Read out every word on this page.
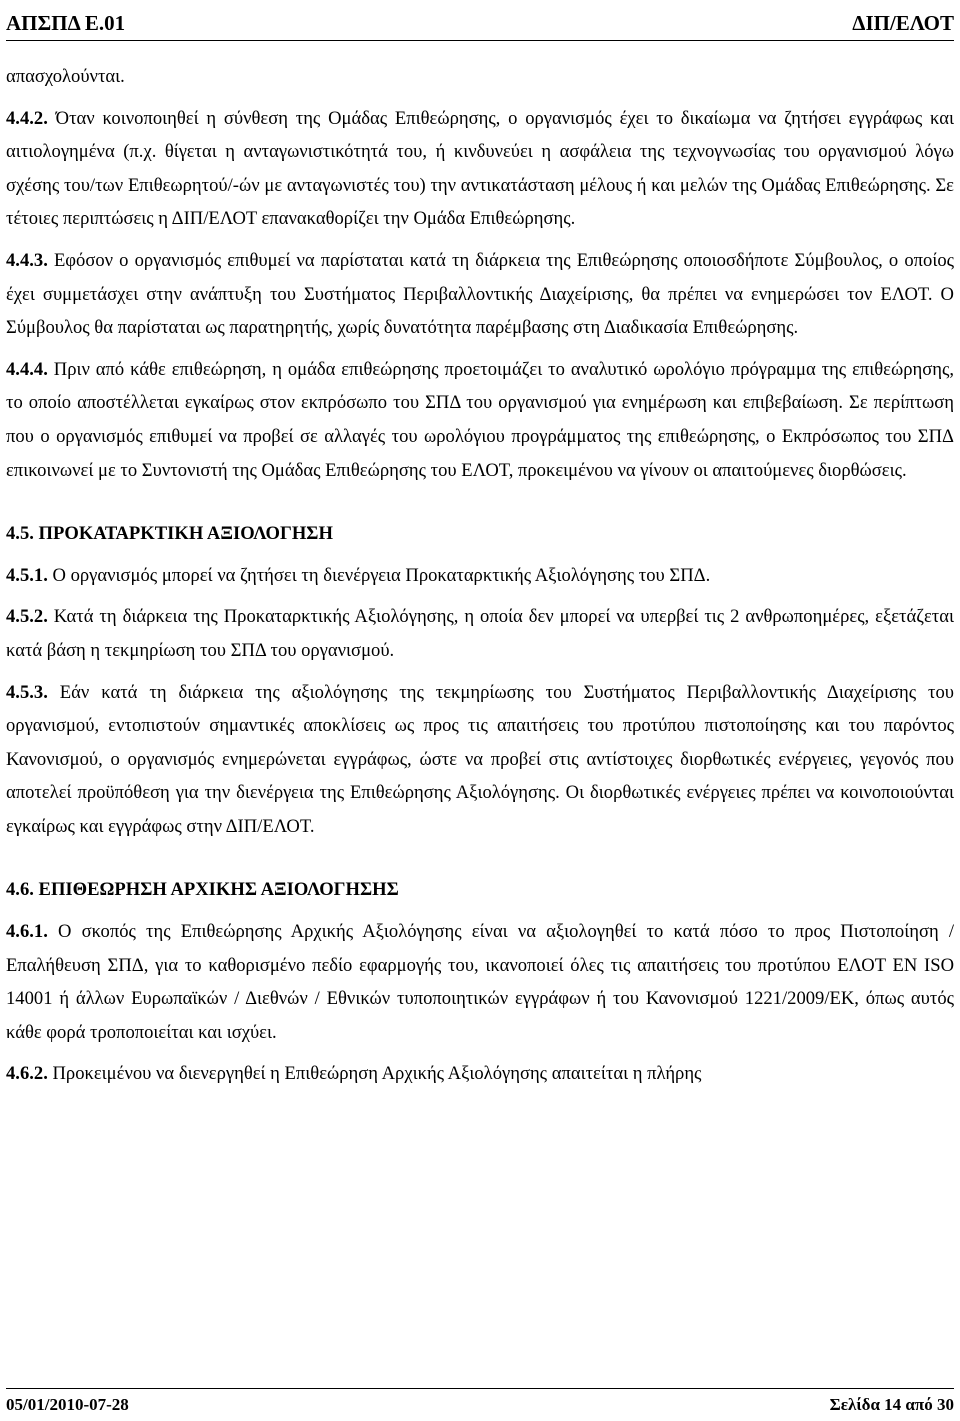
ΑΠΣΠΔ Ε.01	ΔΙΠ/ΕΛΟΤ

απασχολούνται.

4.4.2. Όταν κοινοποιηθεί η σύνθεση της Ομάδας Επιθεώρησης, ο οργανισμός έχει το δικαίωμα να ζητήσει εγγράφως και αιτιολογημένα (π.χ. θίγεται η ανταγωνιστικότητά του, ή κινδυνεύει η ασφάλεια της τεχνογνωσίας του οργανισμού λόγω σχέσης του/των Επιθεωρητού/-ών με ανταγωνιστές του) την αντικατάσταση μέλους ή και μελών της Ομάδας Επιθεώρησης. Σε τέτοιες περιπτώσεις η ΔΙΠ/ΕΛΟΤ επανακαθορίζει την Ομάδα Επιθεώρησης.

4.4.3. Εφόσον ο οργανισμός επιθυμεί να παρίσταται κατά τη διάρκεια της Επιθεώρησης οποιοσδήποτε Σύμβουλος, ο οποίος έχει συμμετάσχει στην ανάπτυξη του Συστήματος Περιβαλλοντικής Διαχείρισης, θα πρέπει να ενημερώσει τον ΕΛΟΤ. Ο Σύμβουλος θα παρίσταται ως παρατηρητής, χωρίς δυνατότητα παρέμβασης στη Διαδικασία Επιθεώρησης.

4.4.4. Πριν από κάθε επιθεώρηση, η ομάδα επιθεώρησης προετοιμάζει το αναλυτικό ωρολόγιο πρόγραμμα της επιθεώρησης, το οποίο αποστέλλεται εγκαίρως στον εκπρόσωπο του ΣΠΔ του οργανισμού για ενημέρωση και επιβεβαίωση. Σε περίπτωση που ο οργανισμός επιθυμεί να προβεί σε αλλαγές του ωρολόγιου προγράμματος της επιθεώρησης, ο Εκπρόσωπος του ΣΠΔ επικοινωνεί με το Συντονιστή της Ομάδας Επιθεώρησης του ΕΛΟΤ, προκειμένου να γίνουν οι απαιτούμενες διορθώσεις.

4.5. ΠΡΟΚΑΤΑΡΚΤΙΚΗ ΑΞΙΟΛΟΓΗΣΗ

4.5.1. Ο οργανισμός μπορεί να ζητήσει τη διενέργεια Προκαταρκτικής Αξιολόγησης του ΣΠΔ.

4.5.2. Κατά τη διάρκεια της Προκαταρκτικής Αξιολόγησης, η οποία δεν μπορεί να υπερβεί τις 2 ανθρωποημέρες, εξετάζεται κατά βάση η τεκμηρίωση του ΣΠΔ του οργανισμού.

4.5.3. Εάν κατά τη διάρκεια της αξιολόγησης της τεκμηρίωσης του Συστήματος Περιβαλλοντικής Διαχείρισης του οργανισμού, εντοπιστούν σημαντικές αποκλίσεις ως προς τις απαιτήσεις του προτύπου πιστοποίησης και του παρόντος Κανονισμού, ο οργανισμός ενημερώνεται εγγράφως, ώστε να προβεί στις αντίστοιχες διορθωτικές ενέργειες, γεγονός που αποτελεί προϋπόθεση για την διενέργεια της Επιθεώρησης Αξιολόγησης. Οι διορθωτικές ενέργειες πρέπει να κοινοποιούνται εγκαίρως και εγγράφως στην ΔΙΠ/ΕΛΟΤ.

4.6. ΕΠΙΘΕΩΡΗΣΗ ΑΡΧΙΚΗΣ ΑΞΙΟΛΟΓΗΣΗΣ

4.6.1. Ο σκοπός της Επιθεώρησης Αρχικής Αξιολόγησης είναι να αξιολογηθεί το κατά πόσο το προς Πιστοποίηση / Επαλήθευση ΣΠΔ, για το καθορισμένο πεδίο εφαρμογής του, ικανοποιεί όλες τις απαιτήσεις του προτύπου ΕΛΟΤ ΕΝ ISO 14001 ή άλλων Ευρωπαϊκών / Διεθνών / Εθνικών τυποποιητικών εγγράφων ή του Κανονισμού 1221/2009/ΕΚ, όπως αυτός κάθε φορά τροποποιείται και ισχύει.

4.6.2. Προκειμένου να διενεργηθεί η Επιθεώρηση Αρχικής Αξιολόγησης απαιτείται η πλήρης

05/01/2010-07-28	Σελίδα 14 από 30
